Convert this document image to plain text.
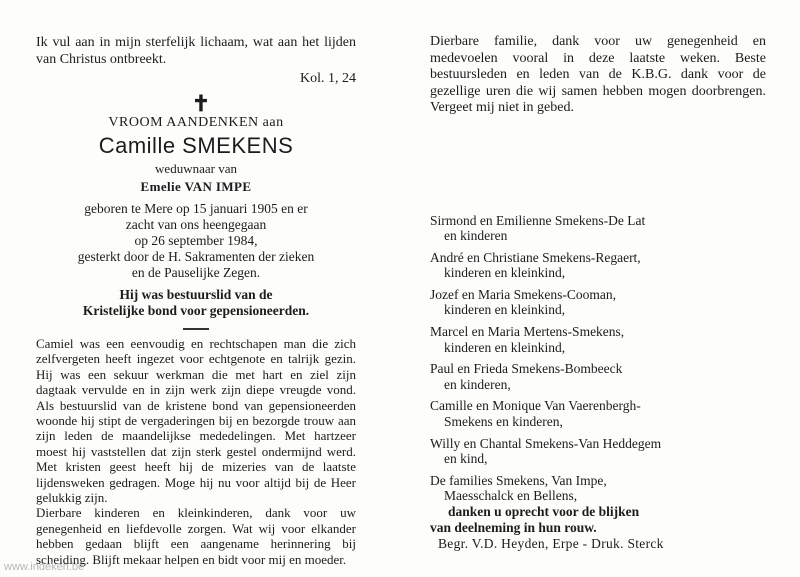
Ik vul aan in mijn sterfelijk lichaam, wat aan het lijden van Christus ontbreekt.

Kol. 1, 24

✝

VROOM AANDENKEN aan

Camille SMEKENS

weduwnaar van

Emelie VAN IMPE

geboren te Mere op 15 januari 1905 en er
zacht van ons heengegaan
op 26 september 1984,
gesterkt door de H. Sakramenten der zieken
en de Pauselijke Zegen.
Hij was bestuurslid van de
Kristelijke bond voor gepensioneerden.

Camiel was een eenvoudig en rechtschapen man die zich zelfvergeten heeft ingezet voor echtgenote en talrijk gezin. Hij was een sekuur werkman die met hart en ziel zijn dagtaak vervulde en in zijn werk zijn diepe vreugde vond. Als bestuurslid van de kristene bond van gepensioneerden woonde hij stipt de vergaderingen bij en bezorgde trouw aan zijn leden de maandelijkse mededelingen. Met hartzeer moest hij vaststellen dat zijn sterk gestel ondermijnd werd. Met kristen geest heeft hij de mizeries van de laatste lijdensweken gedragen. Moge hij nu voor altijd bij de Heer gelukkig zijn.

Dierbare kinderen en kleinkinderen, dank voor uw genegenheid en liefdevolle zorgen. Wat wij voor elkander hebben gedaan blijft een aangename herinnering bij scheiding. Blijft mekaar helpen en bidt voor mij en moeder.

Dierbare familie, dank voor uw genegenheid en medevoelen vooral in deze laatste weken. Beste bestuursleden en leden van de K.B.G. dank voor de gezellige uren die wij samen hebben mogen doorbrengen. Vergeet mij niet in gebed.

Sirmond en Emilienne Smekens-De Lat
en kinderen
André en Christiane Smekens-Regaert,
kinderen en kleinkind,
Jozef en Maria Smekens-Cooman,
kinderen en kleinkind,
Marcel en Maria Mertens-Smekens,
kinderen en kleinkind,
Paul en Frieda Smekens-Bombeeck
en kinderen,
Camille en Monique Van Vaerenbergh-
Smekens en kinderen,
Willy en Chantal Smekens-Van Heddegem
en kind,
De families Smekens, Van Impe,
Maesschalck en Bellens,
danken u oprecht voor de blijken
van deelneming in hun rouw.
Begr. V.D. Heyden, Erpe - Druk. Sterck
www.indeken.be
